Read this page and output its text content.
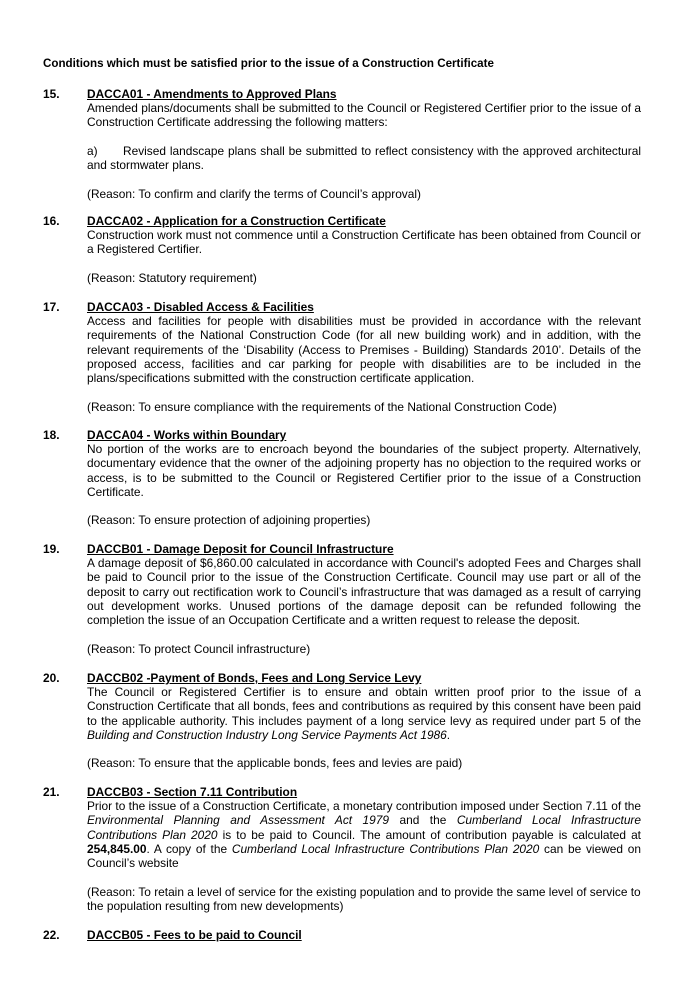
Conditions which must be satisfied prior to the issue of a Construction Certificate
15. DACCA01 - Amendments to Approved Plans

Amended plans/documents shall be submitted to the Council or Registered Certifier prior to the issue of a Construction Certificate addressing the following matters:

a) Revised landscape plans shall be submitted to reflect consistency with the approved architectural and stormwater plans.

(Reason: To confirm and clarify the terms of Council’s approval)

16. DACCA02 - Application for a Construction Certificate

Construction work must not commence until a Construction Certificate has been obtained from Council or a Registered Certifier.

(Reason: Statutory requirement)

17. DACCA03 - Disabled Access & Facilities

Access and facilities for people with disabilities must be provided in accordance with the relevant requirements of the National Construction Code (for all new building work) and in addition, with the relevant requirements of the ‘Disability (Access to Premises - Building) Standards 2010’. Details of the proposed access, facilities and car parking for people with disabilities are to be included in the plans/specifications submitted with the construction certificate application.

(Reason: To ensure compliance with the requirements of the National Construction Code)

18. DACCA04 - Works within Boundary

No portion of the works are to encroach beyond the boundaries of the subject property. Alternatively, documentary evidence that the owner of the adjoining property has no objection to the required works or access, is to be submitted to the Council or Registered Certifier prior to the issue of a Construction Certificate.

(Reason: To ensure protection of adjoining properties)

19. DACCB01 - Damage Deposit for Council Infrastructure

A damage deposit of $6,860.00 calculated in accordance with Council's adopted Fees and Charges shall be paid to Council prior to the issue of the Construction Certificate. Council may use part or all of the deposit to carry out rectification work to Council’s infrastructure that was damaged as a result of carrying out development works. Unused portions of the damage deposit can be refunded following the completion the issue of an Occupation Certificate and a written request to release the deposit.

(Reason: To protect Council infrastructure)

20. DACCB02 -Payment of Bonds, Fees and Long Service Levy

The Council or Registered Certifier is to ensure and obtain written proof prior to the issue of a Construction Certificate that all bonds, fees and contributions as required by this consent have been paid to the applicable authority. This includes payment of a long service levy as required under part 5 of the Building and Construction Industry Long Service Payments Act 1986.

(Reason: To ensure that the applicable bonds, fees and levies are paid)

21. DACCB03 - Section 7.11 Contribution

Prior to the issue of a Construction Certificate, a monetary contribution imposed under Section 7.11 of the Environmental Planning and Assessment Act 1979 and the Cumberland Local Infrastructure Contributions Plan 2020 is to be paid to Council. The amount of contribution payable is calculated at 254,845.00. A copy of the Cumberland Local Infrastructure Contributions Plan 2020 can be viewed on Council’s website

(Reason: To retain a level of service for the existing population and to provide the same level of service to the population resulting from new developments)

22. DACCB05 - Fees to be paid to Council
